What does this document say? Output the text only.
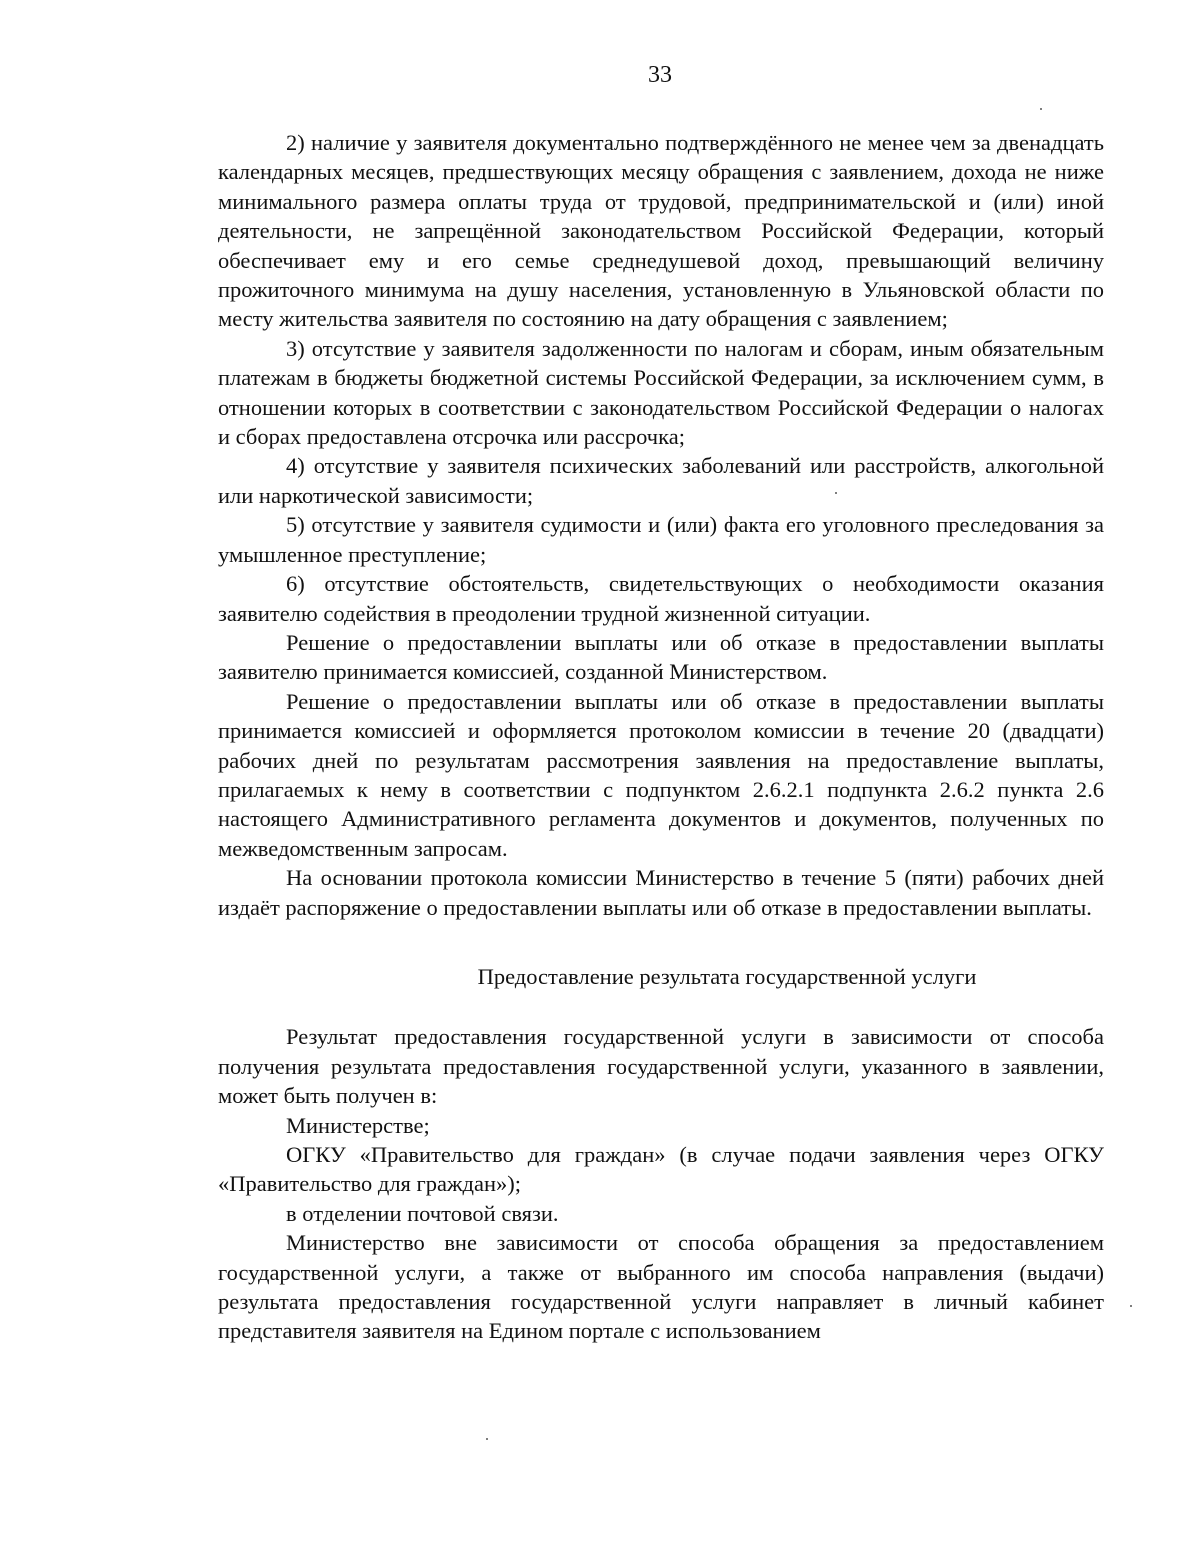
33

2) наличие у заявителя документально подтверждённого не менее чем за двенадцать календарных месяцев, предшествующих месяцу обращения с заявлением, дохода не ниже минимального размера оплаты труда от трудовой, предпринимательской и (или) иной деятельности, не запрещённой законодательством Российской Федерации, который обеспечивает ему и его семье среднедушевой доход, превышающий величину прожиточного минимума на душу населения, установленную в Ульяновской области по месту жительства заявителя по состоянию на дату обращения с заявлением;

3) отсутствие у заявителя задолженности по налогам и сборам, иным обязательным платежам в бюджеты бюджетной системы Российской Федерации, за исключением сумм, в отношении которых в соответствии с законодательством Российской Федерации о налогах и сборах предоставлена отсрочка или рассрочка;

4) отсутствие у заявителя психических заболеваний или расстройств, алкогольной или наркотической зависимости;

5) отсутствие у заявителя судимости и (или) факта его уголовного преследования за умышленное преступление;

6) отсутствие обстоятельств, свидетельствующих о необходимости оказания заявителю содействия в преодолении трудной жизненной ситуации.

Решение о предоставлении выплаты или об отказе в предоставлении выплаты заявителю принимается комиссией, созданной Министерством.

Решение о предоставлении выплаты или об отказе в предоставлении выплаты принимается комиссией и оформляется протоколом комиссии в течение 20 (двадцати) рабочих дней по результатам рассмотрения заявления на предоставление выплаты, прилагаемых к нему в соответствии с подпунктом 2.6.2.1 подпункта 2.6.2 пункта 2.6 настоящего Административного регламента документов и документов, полученных по межведомственным запросам.

На основании протокола комиссии Министерство в течение 5 (пяти) рабочих дней издаёт распоряжение о предоставлении выплаты или об отказе в предоставлении выплаты.

Предоставление результата государственной услуги

Результат предоставления государственной услуги в зависимости от способа получения результата предоставления государственной услуги, указанного в заявлении, может быть получен в:

Министерстве;

ОГКУ «Правительство для граждан» (в случае подачи заявления через ОГКУ «Правительство для граждан»);

в отделении почтовой связи.

Министерство вне зависимости от способа обращения за предоставлением государственной услуги, а также от выбранного им способа направления (выдачи) результата предоставления государственной услуги направляет в личный кабинет представителя заявителя на Едином портале с использованием
